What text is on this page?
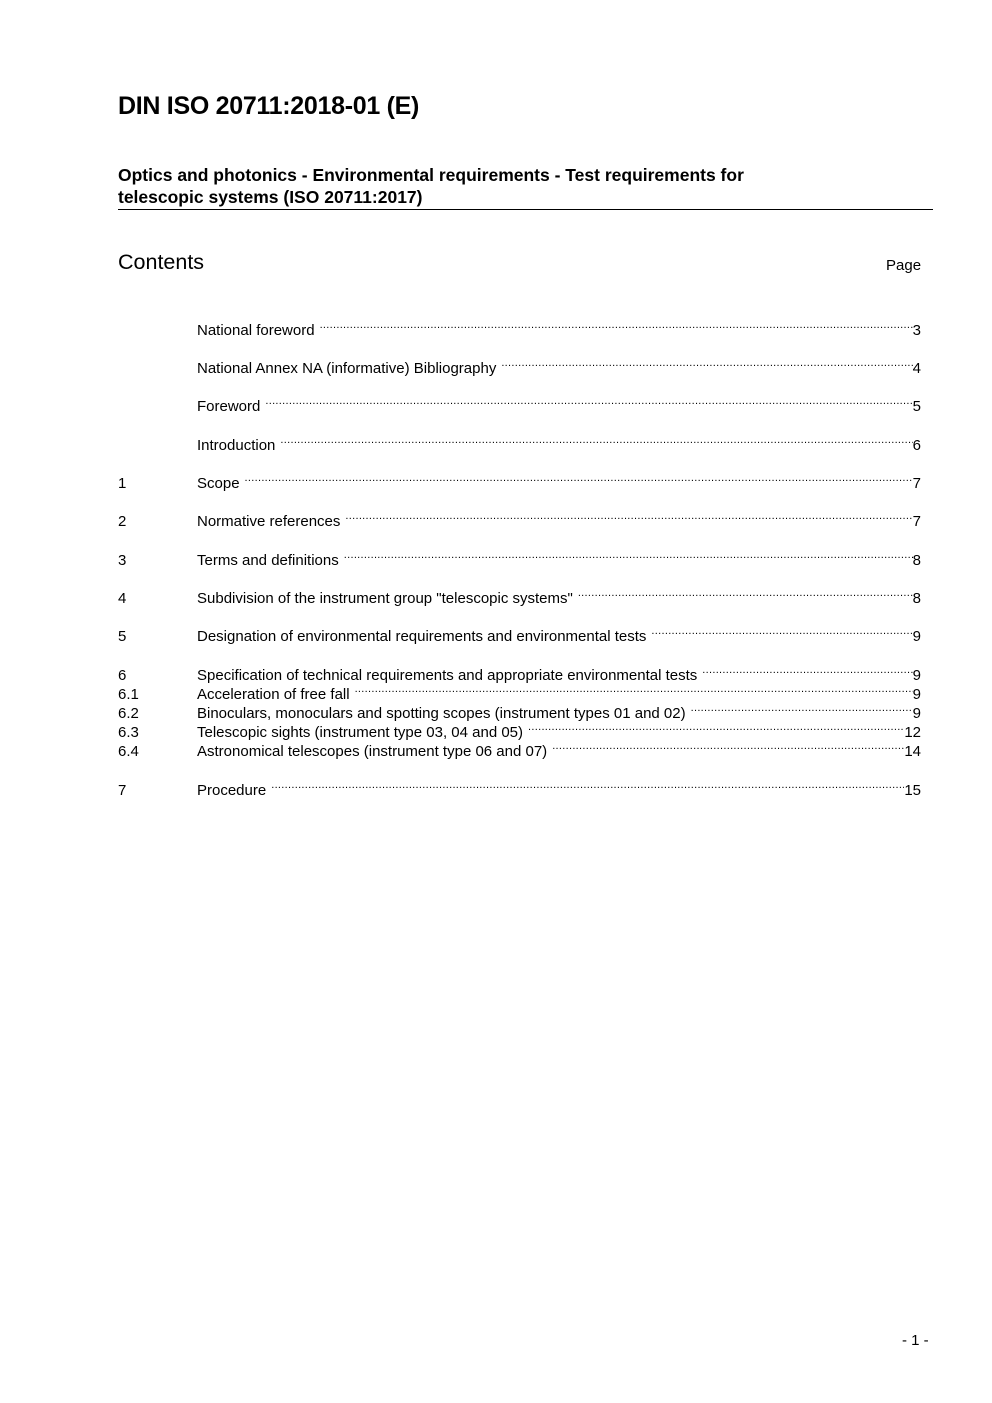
DIN ISO 20711:2018-01 (E)
Optics and photonics - Environmental requirements - Test requirements for
telescopic systems (ISO 20711:2017)
Contents	Page
National foreword .....	3
National Annex NA (informative) Bibliography .....	4
Foreword .....	5
Introduction .....	6
1	Scope .....	7
2	Normative references .....	7
3	Terms and definitions .....	8
4	Subdivision of the instrument group "telescopic systems" .....	8
5	Designation of environmental requirements and environmental tests .....	9
6	Specification of technical requirements and appropriate environmental tests .....	9
6.1	Acceleration of free fall .....	9
6.2	Binoculars, monoculars and spotting scopes (instrument types 01 and 02) .....	9
6.3	Telescopic sights (instrument type 03, 04 and 05) .....	12
6.4	Astronomical telescopes (instrument type 06 and 07) .....	14
7	Procedure .....	15
- 1 -
